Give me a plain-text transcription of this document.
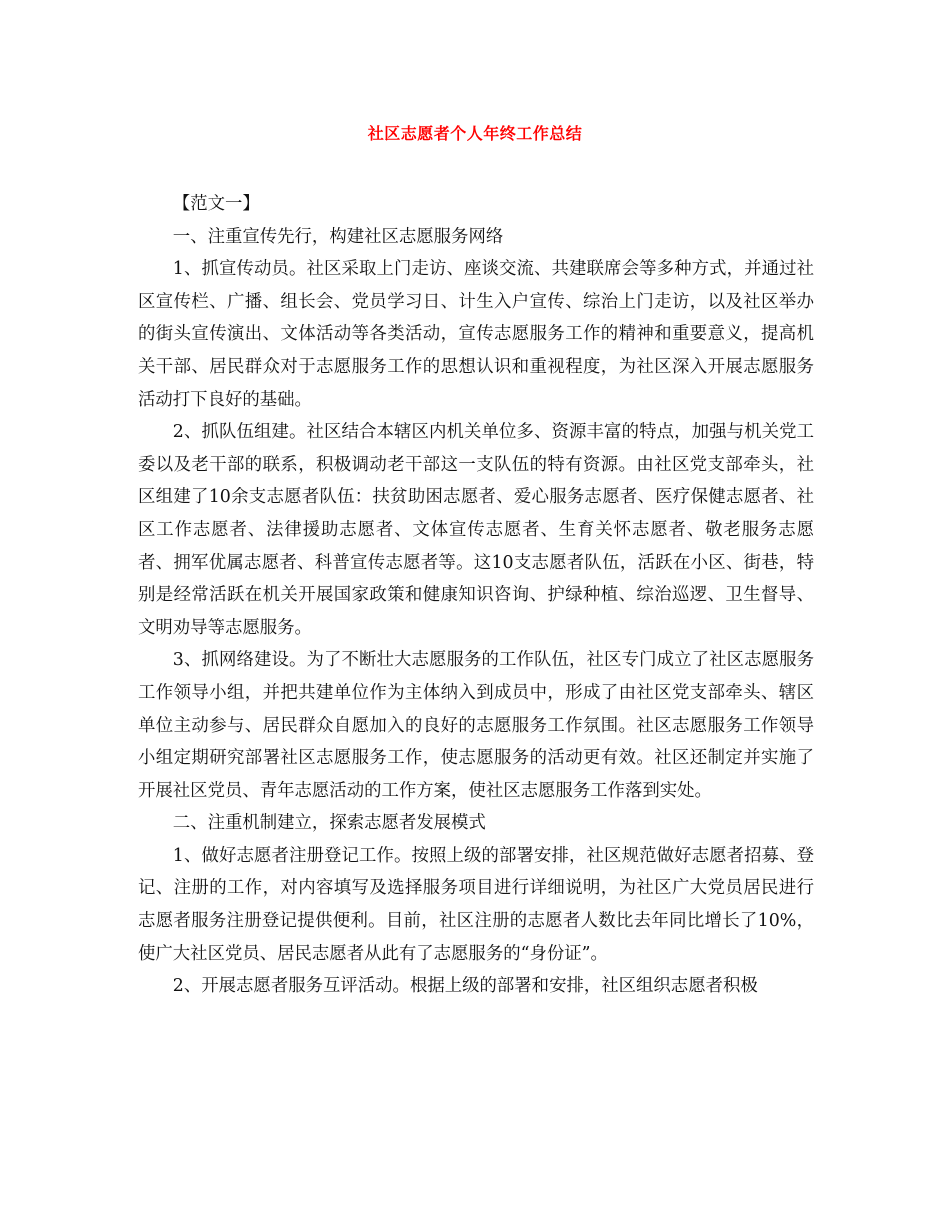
社区志愿者个人年终工作总结

【范文一】

一、注重宣传先行，构建社区志愿服务网络

1、抓宣传动员。社区采取上门走访、座谈交流、共建联席会等多种方式，并通过社区宣传栏、广播、组长会、党员学习日、计生入户宣传、综治上门走访，以及社区举办的街头宣传演出、文体活动等各类活动，宣传志愿服务工作的精神和重要意义，提高机关干部、居民群众对于志愿服务工作的思想认识和重视程度，为社区深入开展志愿服务活动打下良好的基础。

2、抓队伍组建。社区结合本辖区内机关单位多、资源丰富的特点，加强与机关党工委以及老干部的联系，积极调动老干部这一支队伍的特有资源。由社区党支部牵头，社区组建了10余支志愿者队伍：扶贫助困志愿者、爱心服务志愿者、医疗保健志愿者、社区工作志愿者、法律援助志愿者、文体宣传志愿者、生育关怀志愿者、敬老服务志愿者、拥军优属志愿者、科普宣传志愿者等。这10支志愿者队伍，活跃在小区、街巷，特别是经常活跃在机关开展国家政策和健康知识咨询、护绿种植、综治巡逻、卫生督导、文明劝导等志愿服务。

3、抓网络建设。为了不断壮大志愿服务的工作队伍，社区专门成立了社区志愿服务工作领导小组，并把共建单位作为主体纳入到成员中，形成了由社区党支部牵头、辖区单位主动参与、居民群众自愿加入的良好的志愿服务工作氛围。社区志愿服务工作领导小组定期研究部署社区志愿服务工作，使志愿服务的活动更有效。社区还制定并实施了开展社区党员、青年志愿活动的工作方案，使社区志愿服务工作落到实处。

二、注重机制建立，探索志愿者发展模式

1、做好志愿者注册登记工作。按照上级的部署安排，社区规范做好志愿者招募、登记、注册的工作，对内容填写及选择服务项目进行详细说明，为社区广大党员居民进行志愿者服务注册登记提供便利。目前，社区注册的志愿者人数比去年同比增长了10%，使广大社区党员、居民志愿者从此有了志愿服务的“身份证”。

2、开展志愿者服务互评活动。根据上级的部署和安排，社区组织志愿者积极
